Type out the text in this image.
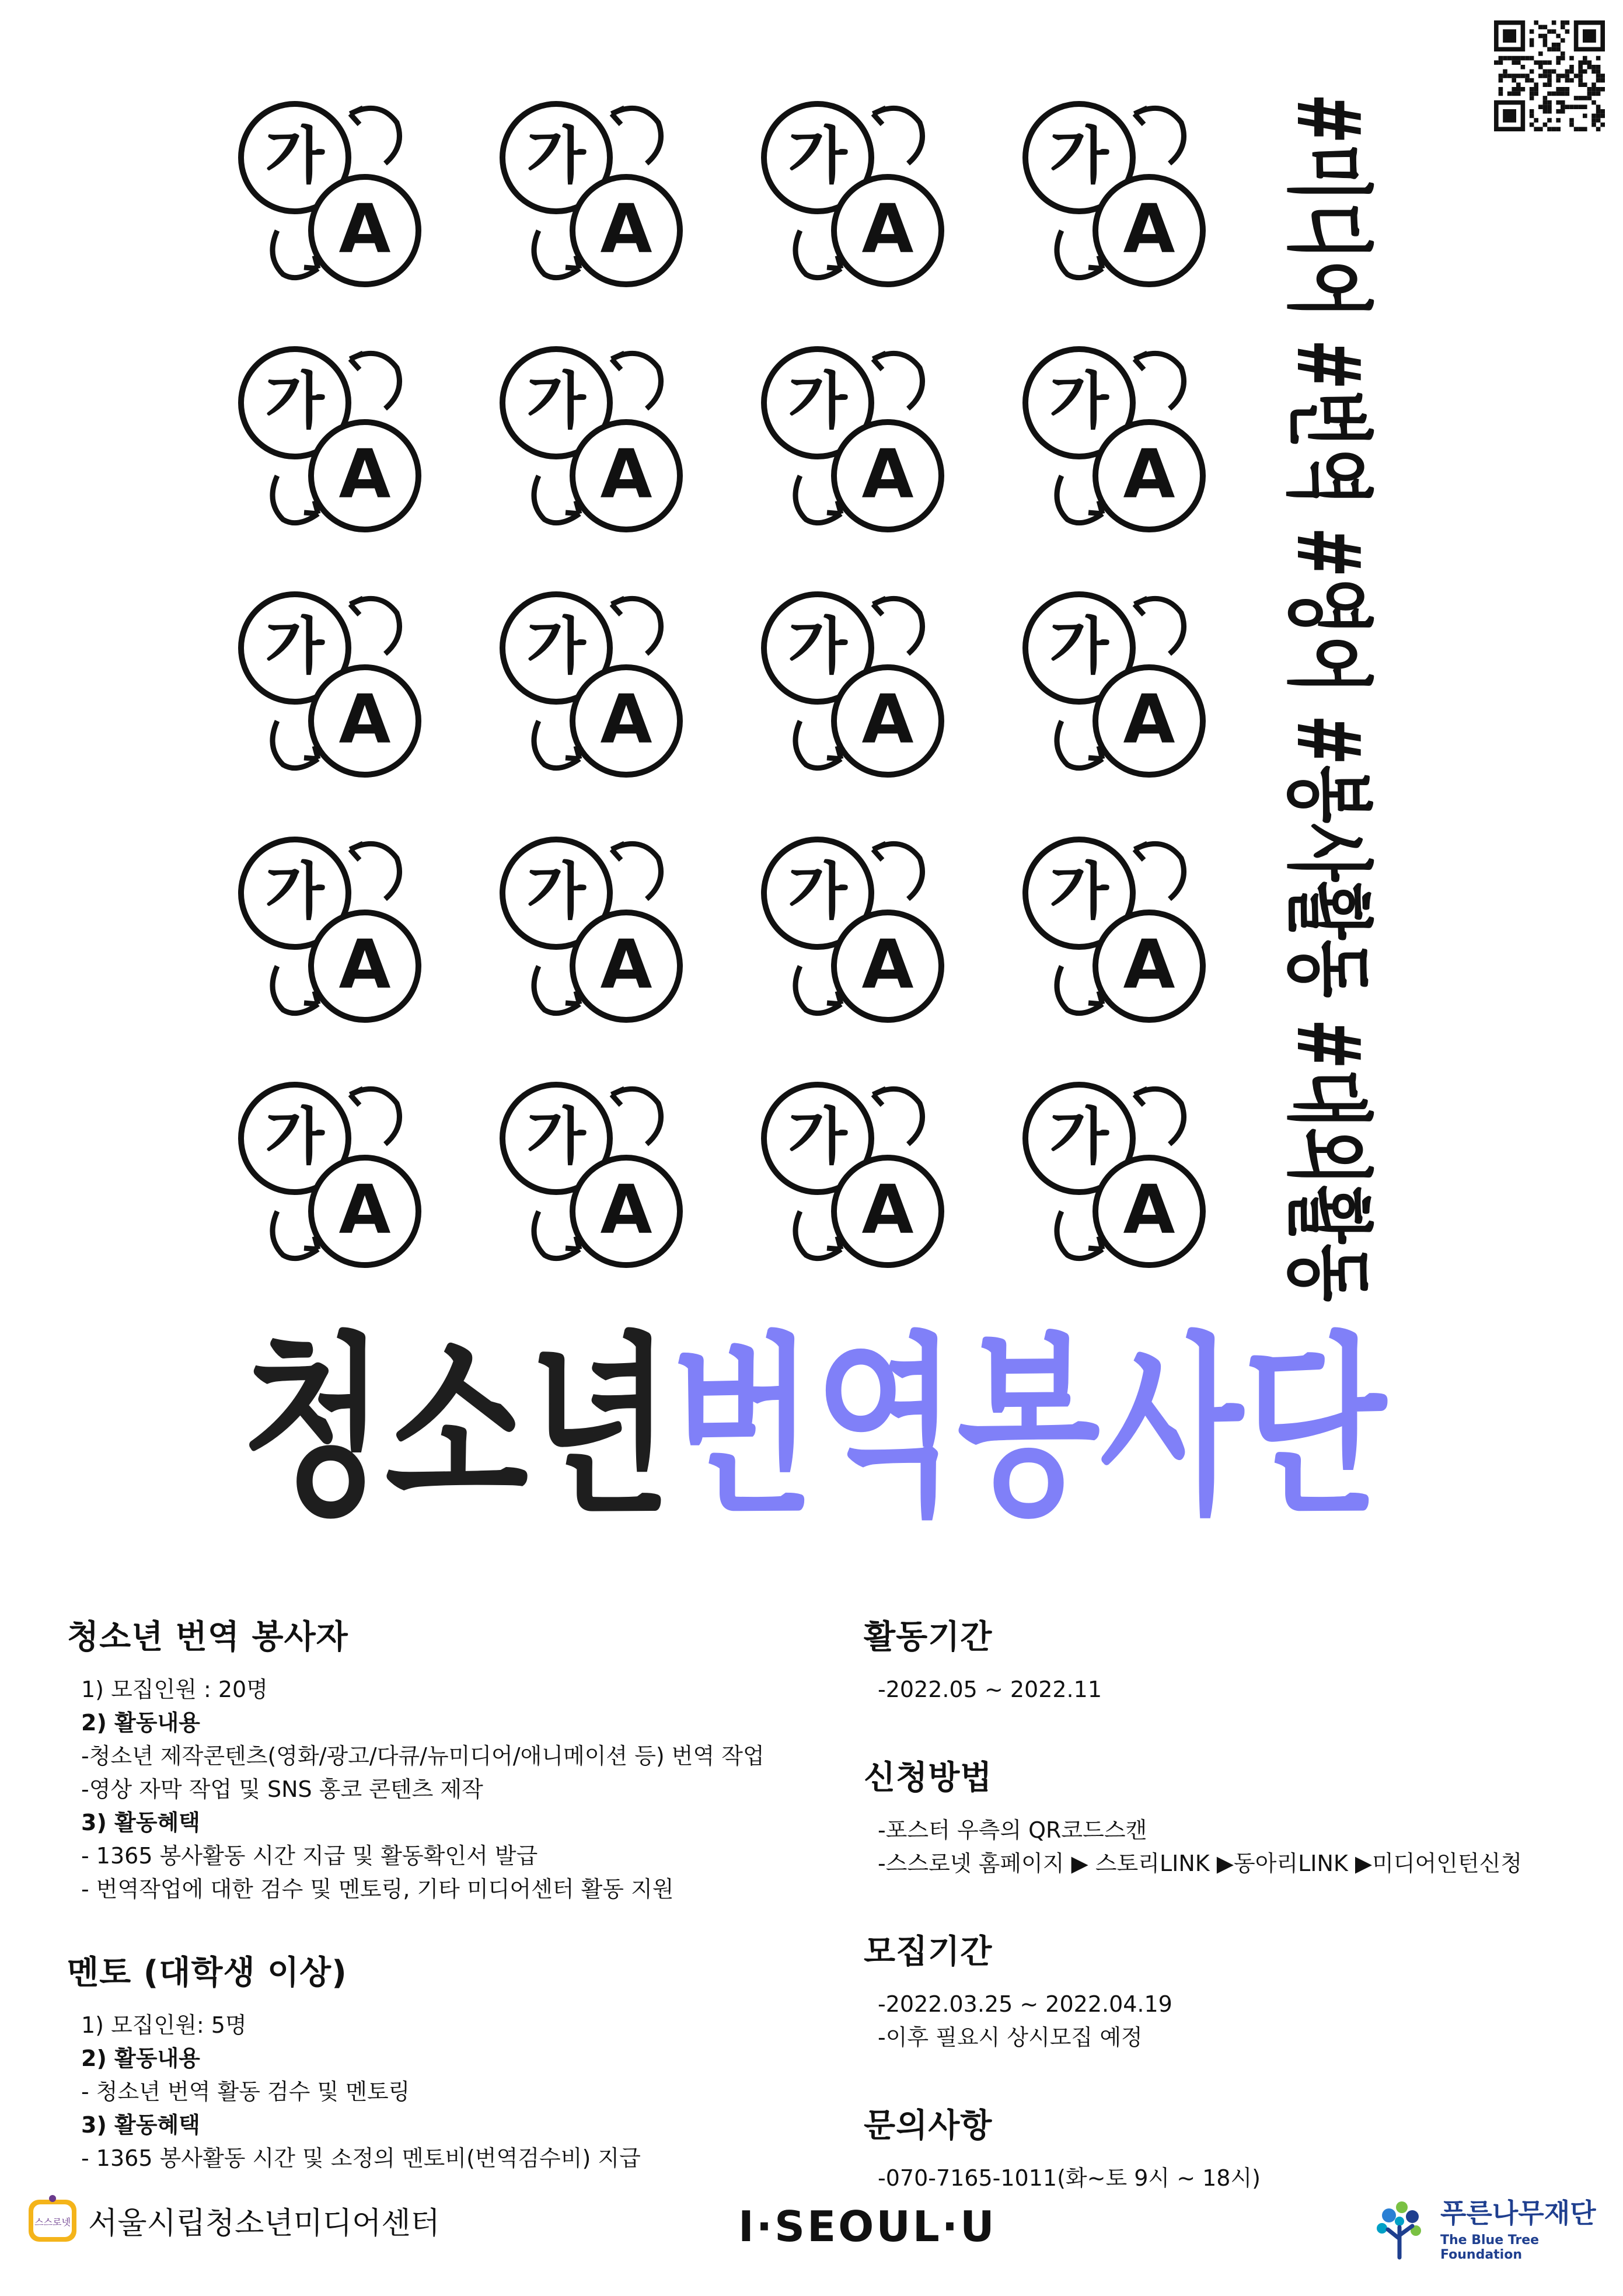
가
A
가
A
가
A
가
A
가
A
가
A
가
A
가
A
가
A
가
A
가
A
가
A
가
A
가
A
가
A
가
A
가
A
가
A
가
A
가
A #미디어 #번역 #영어 #봉사활동 #대외활동
청소년번역봉사단
청소년 번역 봉사자
1) 모집인원 : 20명
2) 활동내용
-청소년 제작콘텐츠(영화/광고/다큐/뉴미디어/애니메이션 등) 번역 작업
-영상 자막 작업 및 SNS 홍코 콘텐츠 제작
3) 활동혜택
- 1365 봉사활동 시간 지급 및 활동확인서 발급
- 번역작업에 대한 검수 및 멘토링, 기타 미디어센터 활동 지원
멘토 (대학생 이상)
1) 모집인원: 5명
2) 활동내용
- 청소년 번역 활동 검수 및 멘토링
3) 활동혜택
- 1365 봉사활동 시간 및 소정의 멘토비(번역검수비) 지급
활동기간
-2022.05 ~ 2022.11
신청방법
-포스터 우측의 QR코드스캔
-스스로넷 홈페이지 ▶ 스토리LINK ▶동아리LINK ▶미디어인턴신청
모집기간
-2022.03.25 ~ 2022.04.19
-이후 필요시 상시모집 예정
문의사항
-070-7165-1011(화~토 9시 ~ 18시)
스스로넷 서울시립청소년미디어센터	I·SEOUL·U	푸른나무재단
The Blue Tree Foundation
